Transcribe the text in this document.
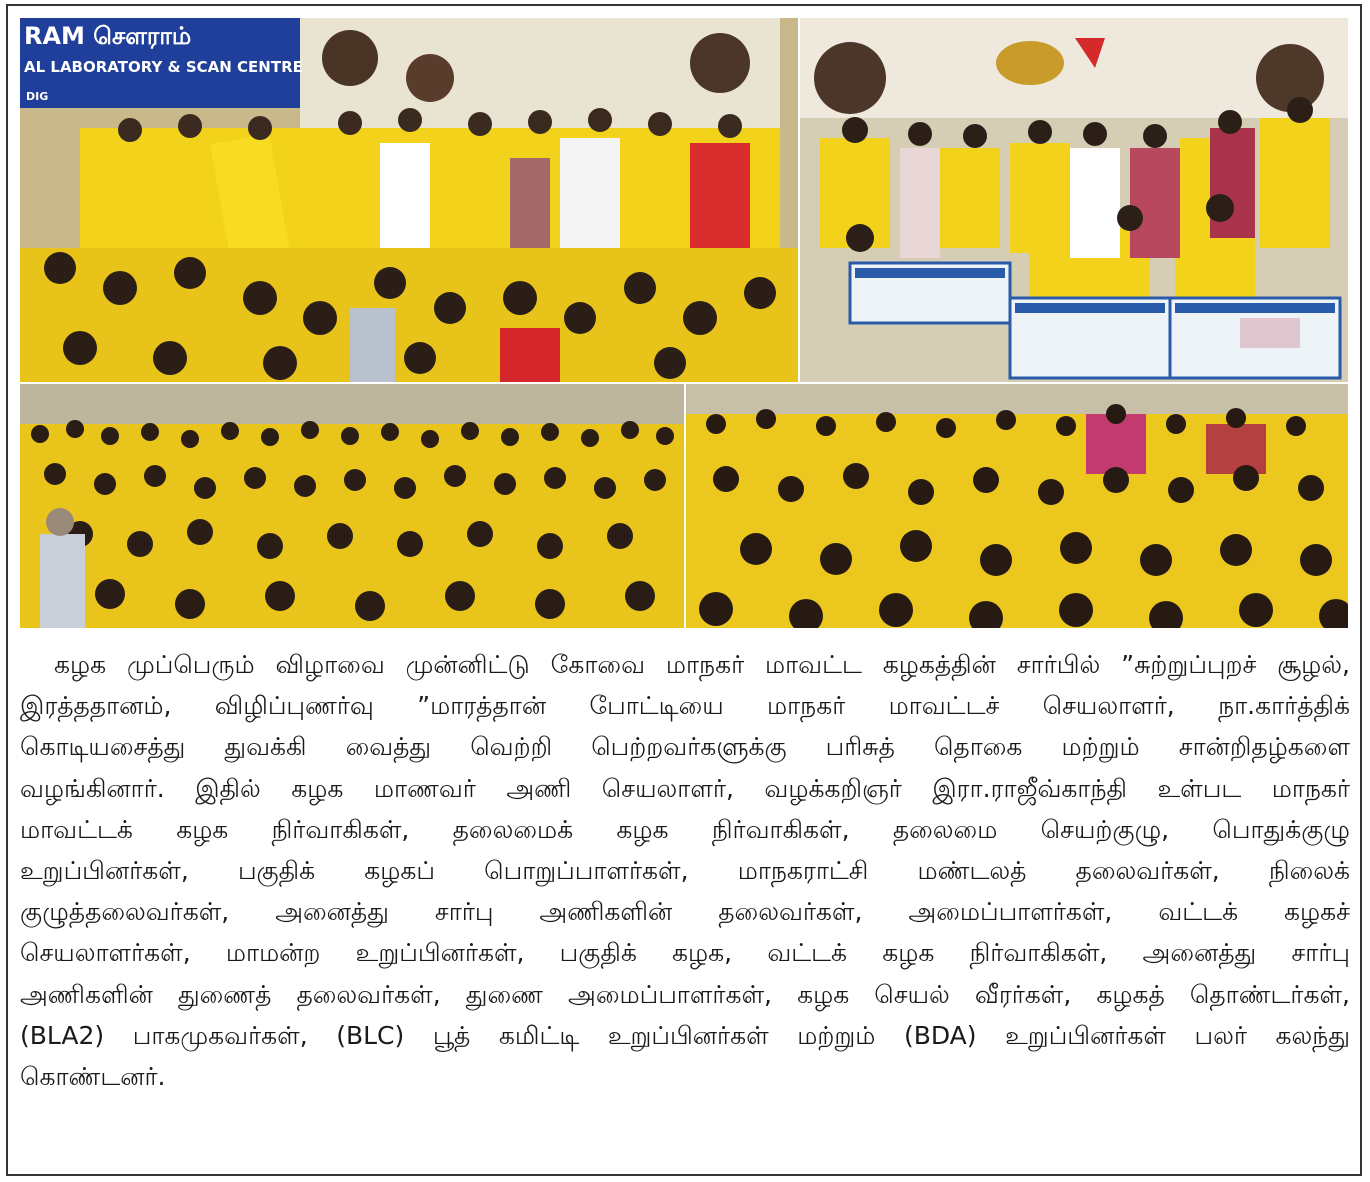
RAM சௌராம்
AL LABORATORY & SCAN CENTRE
DIG
கழக முப்பெரும் விழாவை முன்னிட்டு கோவை மாநகர் மாவட்ட கழகத்தின் சார்பில் ”சுற்றுப்புறச் சூழல்,
இரத்ததானம், விழிப்புணர்வு ”மாரத்தான் போட்டியை மாநகர் மாவட்டச் செயலாளர், நா.கார்த்திக்
கொடியசைத்து துவக்கி வைத்து வெற்றி பெற்றவர்களுக்கு பரிசுத் தொகை மற்றும் சான்றிதழ்களை
வழங்கினார். இதில் கழக மாணவர் அணி செயலாளர், வழக்கறிஞர் இரா.ராஜீவ்காந்தி உள்பட மாநகர்
மாவட்டக் கழக நிர்வாகிகள், தலைமைக் கழக நிர்வாகிகள், தலைமை செயற்குழு, பொதுக்குழு
உறுப்பினர்கள், பகுதிக் கழகப் பொறுப்பாளர்கள், மாநகராட்சி மண்டலத் தலைவர்கள், நிலைக்
குழுத்தலைவர்கள், அனைத்து சார்பு அணிகளின் தலைவர்கள், அமைப்பாளர்கள், வட்டக் கழகச்
செயலாளர்கள், மாமன்ற உறுப்பினர்கள், பகுதிக் கழக, வட்டக் கழக நிர்வாகிகள், அனைத்து சார்பு
அணிகளின் துணைத் தலைவர்கள், துணை அமைப்பாளர்கள், கழக செயல் வீரர்கள், கழகத் தொண்டர்கள்,
(BLA2) பாகமுகவர்கள், (BLC) பூத் கமிட்டி உறுப்பினர்கள் மற்றும் (BDA) உறுப்பினர்கள் பலர் கலந்து
கொண்டனர்.
